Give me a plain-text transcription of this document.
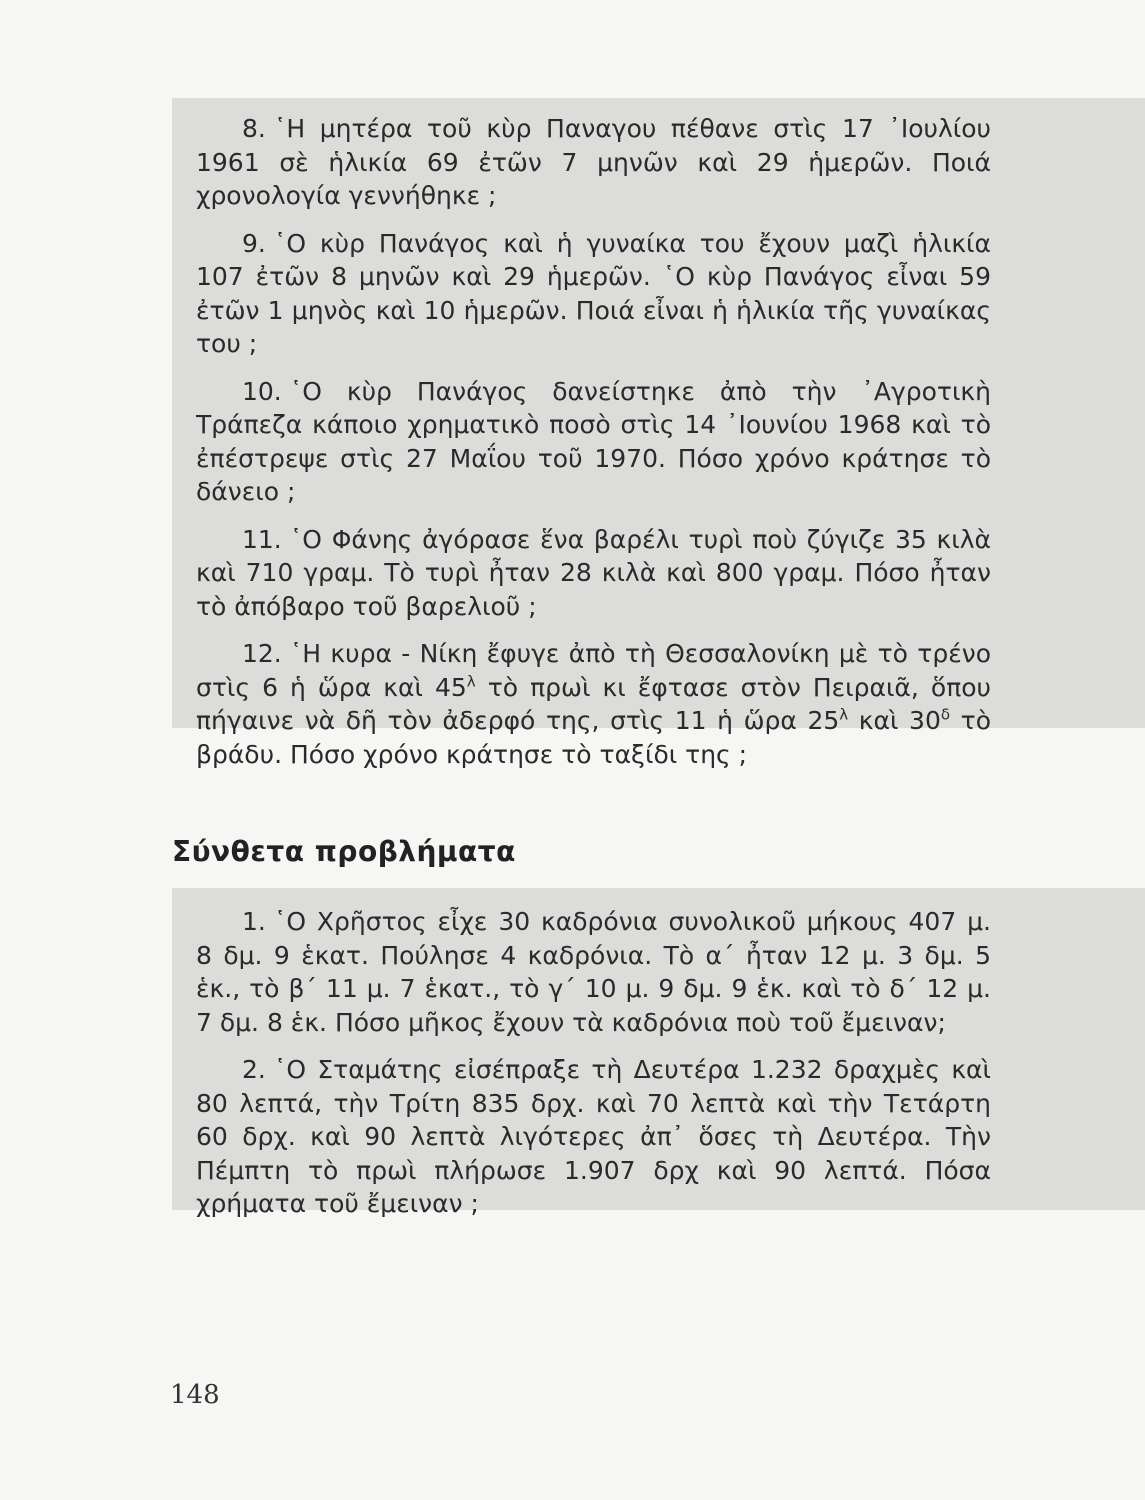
8. ῾Η μητέρα τοῦ κὺρ Παναγου πέθανε στὶς 17 ᾿Ιουλίου 1961 σὲ ἡλικία 69 ἐτῶν 7 μηνῶν καὶ 29 ἡμερῶν. Ποιά χρονολογία γεννήθηκε ;

9. ῾Ο κὺρ Πανάγος καὶ ἡ γυναίκα του ἔχουν μαζὶ ἡλικία 107 ἐτῶν 8 μηνῶν καὶ 29 ἡμερῶν. ῾Ο κὺρ Πανάγος εἶναι 59 ἐτῶν 1 μηνὸς καὶ 10 ἡμερῶν. Ποιά εἶναι ἡ ἡλικία τῆς γυναίκας του ;

10. ῾Ο κὺρ Πανάγος δανείστηκε ἀπὸ τὴν ᾿Αγροτικὴ Τράπεζα κάποιο χρηματικὸ ποσὸ στὶς 14 ᾿Ιουνίου 1968 καὶ τὸ ἐπέστρεψε στὶς 27 Μαΐου τοῦ 1970. Πόσο χρόνο κράτησε τὸ δάνειο ;

11. ῾Ο Φάνης ἀγόρασε ἕνα βαρέλι τυρὶ ποὺ ζύγιζε 35 κιλὰ καὶ 710 γραμ. Τὸ τυρὶ ἦταν 28 κιλὰ καὶ 800 γραμ. Πόσο ἦταν τὸ ἀπόβαρο τοῦ βαρελιοῦ ;

12. ῾Η κυρα - Νίκη ἔφυγε ἀπὸ τὴ Θεσσαλονίκη μὲ τὸ τρένο στὶς 6 ἡ ὥρα καὶ $45^\lambda$ τὸ πρωὶ κι ἔφτασε στὸν Πειραιᾶ, ὅπου πήγαινε νὰ δῆ τὸν ἀδερφό της, στὶς 11 ἡ ὥρα $25^\lambda$ καὶ $30^\delta$ τὸ βράδυ. Πόσο χρόνο κράτησε τὸ ταξίδι της ;

Σύνθετα προβλήματα

1. ῾Ο Χρῆστος εἶχε 30 καδρόνια συνολικοῦ μήκους 407 μ. 8 δμ. 9 ἑκατ. Πούλησε 4 καδρόνια. Τὸ α΄ ἦταν 12 μ. 3 δμ. 5 ἑκ., τὸ β΄ 11 μ. 7 ἑκατ., τὸ γ΄ 10 μ. 9 δμ. 9 ἑκ. καὶ τὸ δ΄ 12 μ. 7 δμ. 8 ἑκ. Πόσο μῆκος ἔχουν τὰ καδρόνια ποὺ τοῦ ἔμειναν;

2. ῾Ο Σταμάτης εἰσέπραξε τὴ Δευτέρα 1.232 δραχμὲς καὶ 80 λεπτά, τὴν Τρίτη 835 δρχ. καὶ 70 λεπτὰ καὶ τὴν Τετάρτη 60 δρχ. καὶ 90 λεπτὰ λιγότερες ἀπ᾿ ὅσες τὴ Δευτέρα. Τὴν Πέμπτη τὸ πρωὶ πλήρωσε 1.907 δρχ καὶ 90 λεπτά. Πόσα χρήματα τοῦ ἔμειναν ;

148
